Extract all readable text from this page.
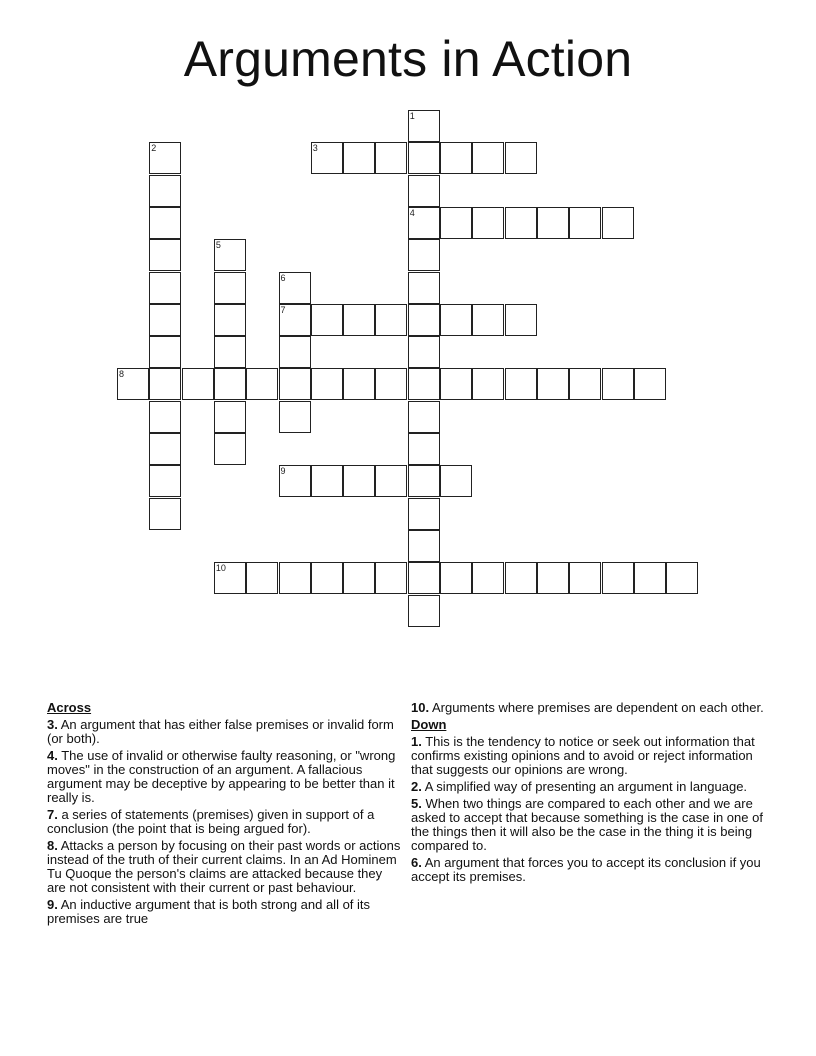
Arguments in Action
1
4
2	3
5
6
7
8
9
10
Across
3. An argument that has either false premises or invalid form (or both).
4. The use of invalid or otherwise faulty reasoning, or "wrong moves" in the construction of an argument. A fallacious argument may be deceptive by appearing to be better than it really is.
7. a series of statements (premises) given in support of a conclusion (the point that is being argued for).
8. Attacks a person by focusing on their past words or actions instead of the truth of their current claims. In an Ad Hominem Tu Quoque the person's claims are attacked because they are not consistent with their current or past behaviour.
9. An inductive argument that is both strong and all of its premises are true
10. Arguments where premises are dependent on each other.
Down
1. This is the tendency to notice or seek out information that confirms existing opinions and to avoid or reject information that suggests our opinions are wrong.
2. A simplified way of presenting an argument in language.
5. When two things are compared to each other and we are asked to accept that because something is the case in one of the things then it will also be the case in the thing it is being compared to.
6. An argument that forces you to accept its conclusion if you accept its premises.
